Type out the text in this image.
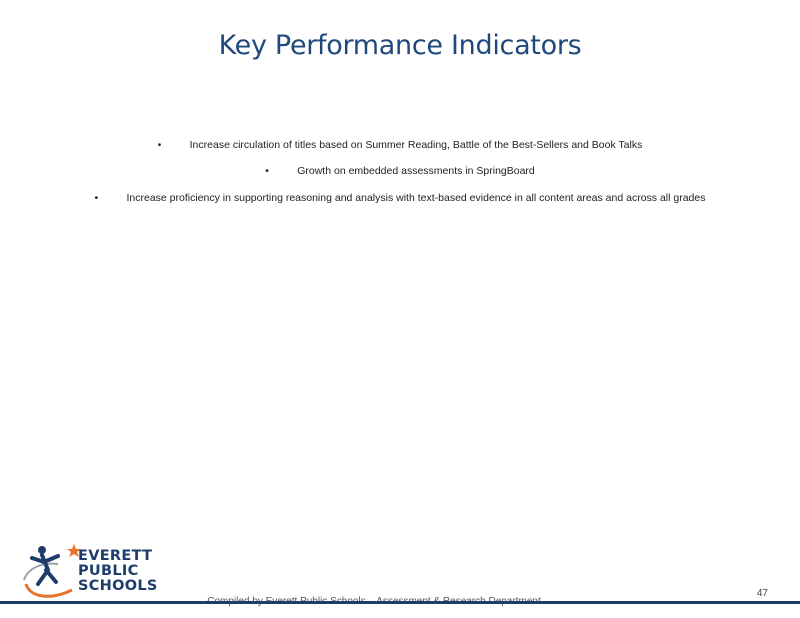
Key Performance Indicators
•	Increase circulation of titles based on Summer Reading, Battle of the Best-Sellers and Book Talks
•	Growth on embedded assessments in SpringBoard
•	Increase proficiency in supporting reasoning and analysis with text-based evidence in all content areas and across all grades
EVERETT
PUBLIC
SCHOOLS	47
